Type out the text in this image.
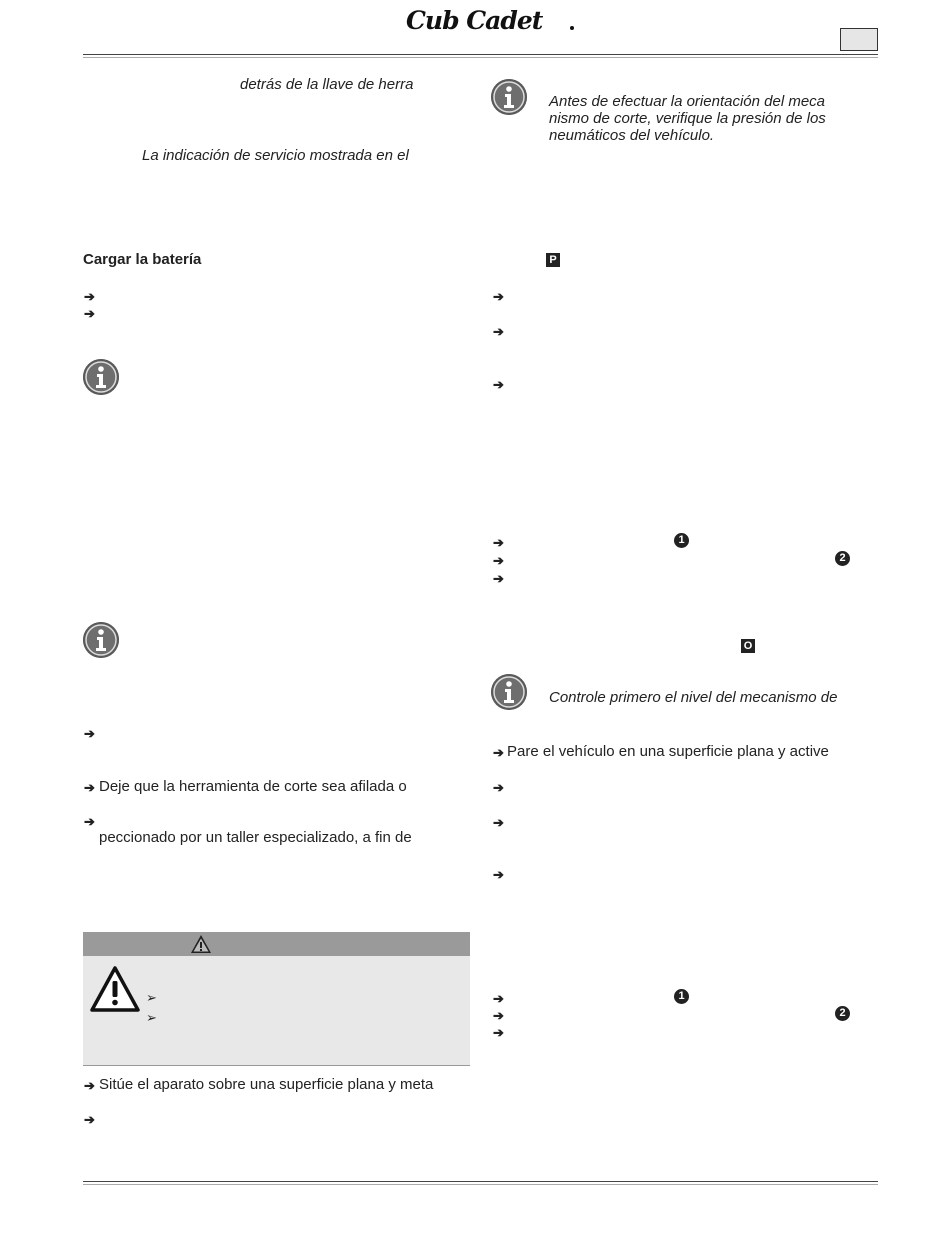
Cub Cadet
detrás de la llave de herra
La indicación de servicio mostrada en el
Cargar la batería
➔
➔
➔
➔ Deje que la herramienta de corte sea afilada o
➔
peccionado por un taller especializado, a fin de
➢
➢
➔ Sitúe el aparato sobre una superficie plana y meta
➔
Antes de efectuar la orientación del meca
nismo de corte, verifique la presión de los
neumáticos del vehículo.
P
➔
➔
➔
➔	1
➔	2
➔
O
Controle primero el nivel del mecanismo de
➔ Pare el vehículo en una superficie plana y active
➔
➔
➔
➔	1
➔	2
➔
